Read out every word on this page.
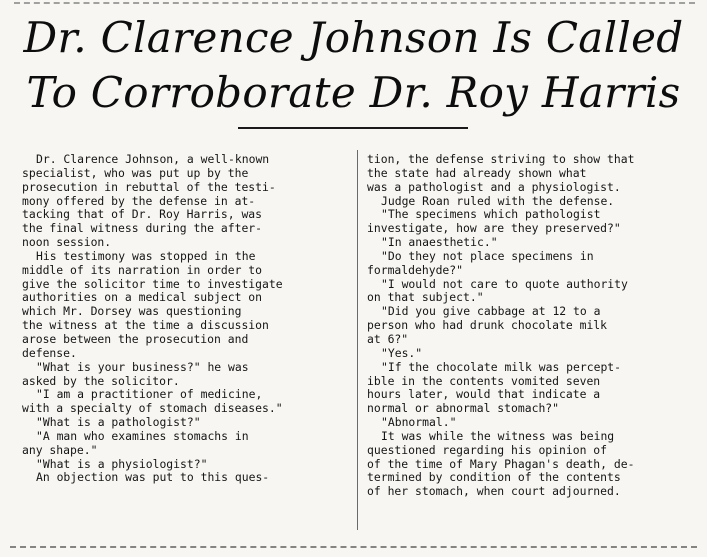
Dr. Clarence Johnson Is Called
To Corroborate Dr. Roy Harris
Dr. Clarence Johnson, a well-known
specialist, who was put up by the
prosecution in rebuttal of the testi-
mony offered by the defense in at-
tacking that of Dr. Roy Harris, was
the final witness during the after-
noon session.
His testimony was stopped in the
middle of its narration in order to
give the solicitor time to investigate
authorities on a medical subject on
which Mr. Dorsey was questioning
the witness at the time a discussion
arose between the prosecution and
defense.
"What is your business?" he was
asked by the solicitor.
"I am a practitioner of medicine,
with a specialty of stomach diseases."
"What is a pathologist?"
"A man who examines stomachs in
any shape."
"What is a physiologist?"
An objection was put to this ques-
tion, the defense striving to show that
the state had already shown what
was a pathologist and a physiologist.
Judge Roan ruled with the defense.
"The specimens which pathologist
investigate, how are they preserved?"
"In anaesthetic."
"Do they not place specimens in
formaldehyde?"
"I would not care to quote authority
on that subject."
"Did you give cabbage at 12 to a
person who had drunk chocolate milk
at 6?"
"Yes."
"If the chocolate milk was percept-
ible in the contents vomited seven
hours later, would that indicate a
normal or abnormal stomach?"
"Abnormal."
It was while the witness was being
questioned regarding his opinion of
of the time of Mary Phagan's death, de-
termined by condition of the contents
of her stomach, when court adjourned.
